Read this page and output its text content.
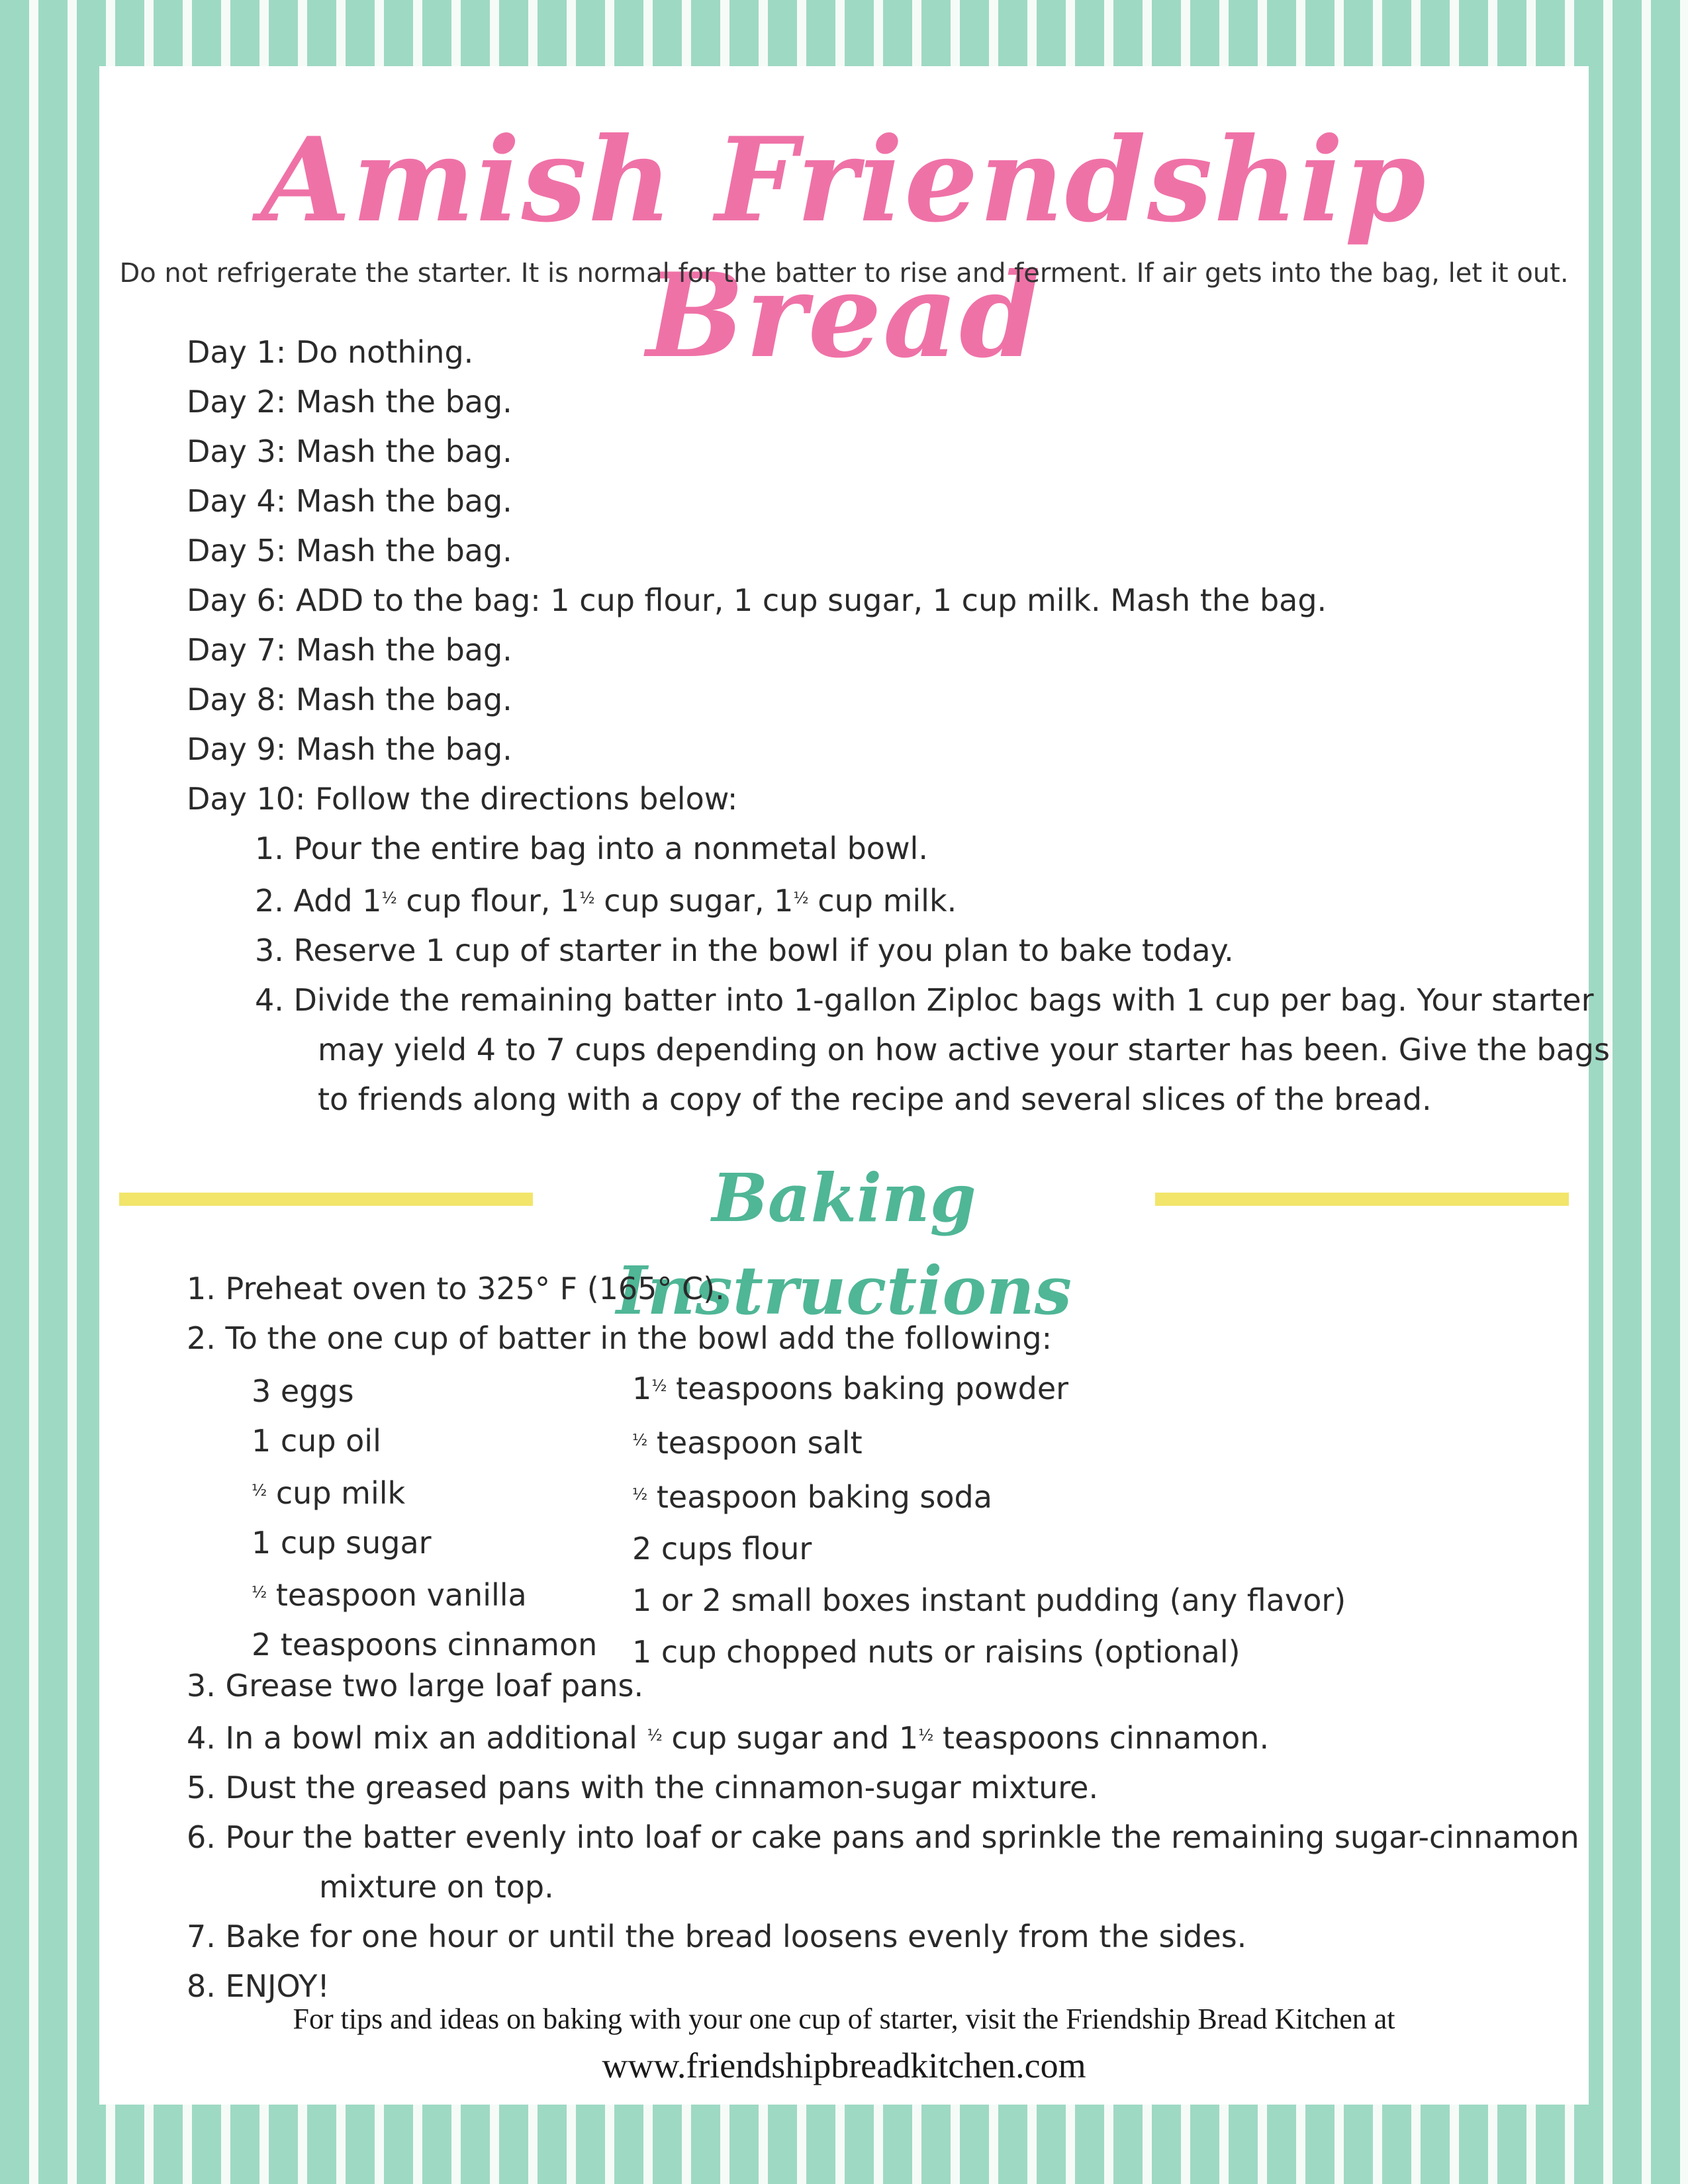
Amish Friendship Bread
Do not refrigerate the starter. It is normal for the batter to rise and ferment. If air gets into the bag, let it out.
Day 1: Do nothing.
Day 2: Mash the bag.
Day 3: Mash the bag.
Day 4: Mash the bag.
Day 5: Mash the bag.
Day 6: ADD to the bag: 1 cup flour, 1 cup sugar, 1 cup milk. Mash the bag.
Day 7: Mash the bag.
Day 8: Mash the bag.
Day 9: Mash the bag.
Day 10: Follow the directions below:
1. Pour the entire bag into a nonmetal bowl.
2. Add $1^{\frac{1}{2}}$ cup flour, $1^{\frac{1}{2}}$ cup sugar, $1^{\frac{1}{2}}$ cup milk.
3. Reserve 1 cup of starter in the bowl if you plan to bake today.
4. Divide the remaining batter into 1-gallon Ziploc bags with 1 cup per bag. Your starter
may yield 4 to 7 cups depending on how active your starter has been. Give the bags
to friends along with a copy of the recipe and several slices of the bread.
Baking Instructions
1. Preheat oven to 325° F (165° C).
2. To the one cup of batter in the bowl add the following:
3 eggs
1 cup oil
$^{\frac{1}{2}}$ cup milk
1 cup sugar
$^{\frac{1}{2}}$ teaspoon vanilla
2 teaspoons cinnamon
$1^{\frac{1}{2}}$ teaspoons baking powder
$^{\frac{1}{2}}$ teaspoon salt
$^{\frac{1}{2}}$ teaspoon baking soda
2 cups flour
1 or 2 small boxes instant pudding (any flavor)
1 cup chopped nuts or raisins (optional)
3. Grease two large loaf pans.
4. In a bowl mix an additional $^{\frac{1}{2}}$ cup sugar and $1^{\frac{1}{2}}$ teaspoons cinnamon.
5. Dust the greased pans with the cinnamon-sugar mixture.
6. Pour the batter evenly into loaf or cake pans and sprinkle the remaining sugar-cinnamon
mixture on top.
7. Bake for one hour or until the bread loosens evenly from the sides.
8. ENJOY!
For tips and ideas on baking with your one cup of starter, visit the Friendship Bread Kitchen at
www.friendshipbreadkitchen.com
